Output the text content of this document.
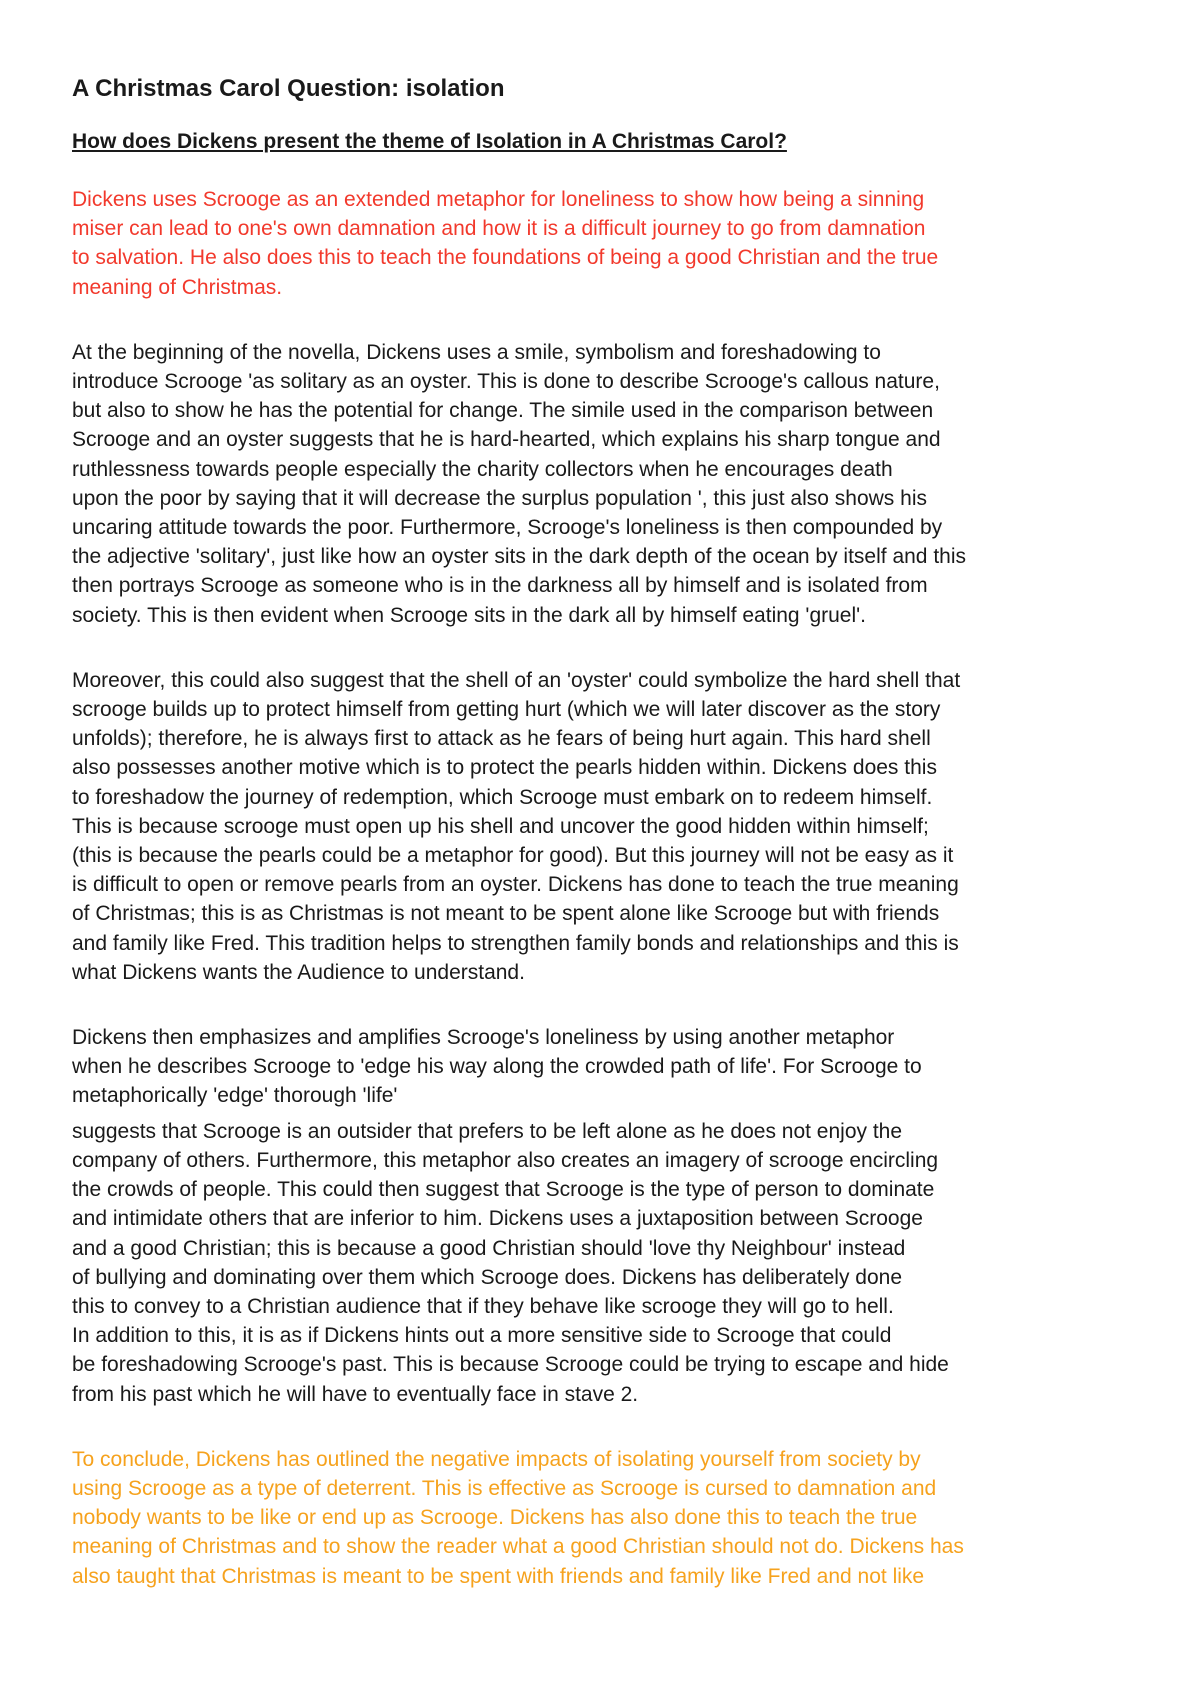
A Christmas Carol Question: isolation
How does Dickens present the theme of Isolation in A Christmas Carol?
Dickens uses Scrooge as an extended metaphor for loneliness to show how being a sinning
miser can lead to one's own damnation and how it is a difficult journey to go from damnation
to salvation. He also does this to teach the foundations of being a good Christian and the true
meaning of Christmas.
At the beginning of the novella, Dickens uses a smile, symbolism and foreshadowing to
introduce Scrooge 'as solitary as an oyster. This is done to describe Scrooge's callous nature,
but also to show he has the potential for change. The simile used in the comparison between
Scrooge and an oyster suggests that he is hard-hearted, which explains his sharp tongue and
ruthlessness towards people especially the charity collectors when he encourages death
upon the poor by saying that it will decrease the surplus population ', this just also shows his
uncaring attitude towards the poor. Furthermore, Scrooge's loneliness is then compounded by
the adjective 'solitary', just like how an oyster sits in the dark depth of the ocean by itself and this
then portrays Scrooge as someone who is in the darkness all by himself and is isolated from
society. This is then evident when Scrooge sits in the dark all by himself eating 'gruel'.
Moreover, this could also suggest that the shell of an 'oyster' could symbolize the hard shell that
scrooge builds up to protect himself from getting hurt (which we will later discover as the story
unfolds); therefore, he is always first to attack as he fears of being hurt again. This hard shell
also possesses another motive which is to protect the pearls hidden within. Dickens does this
to foreshadow the journey of redemption, which Scrooge must embark on to redeem himself.
This is because scrooge must open up his shell and uncover the good hidden within himself;
(this is because the pearls could be a metaphor for good). But this journey will not be easy as it
is difficult to open or remove pearls from an oyster. Dickens has done to teach the true meaning
of Christmas; this is as Christmas is not meant to be spent alone like Scrooge but with friends
and family like Fred. This tradition helps to strengthen family bonds and relationships and this is
what Dickens wants the Audience to understand.
Dickens then emphasizes and amplifies Scrooge's loneliness by using another metaphor
when he describes Scrooge to 'edge his way along the crowded path of life'. For Scrooge to
metaphorically 'edge' thorough 'life'
suggests that Scrooge is an outsider that prefers to be left alone as he does not enjoy the
company of others. Furthermore, this metaphor also creates an imagery of scrooge encircling
the crowds of people. This could then suggest that Scrooge is the type of person to dominate
and intimidate others that are inferior to him. Dickens uses a juxtaposition between Scrooge
and a good Christian; this is because a good Christian should 'love thy Neighbour' instead
of bullying and dominating over them which Scrooge does. Dickens has deliberately done
this to convey to a Christian audience that if they behave like scrooge they will go to hell.
In addition to this, it is as if Dickens hints out a more sensitive side to Scrooge that could
be foreshadowing Scrooge's past. This is because Scrooge could be trying to escape and hide
from his past which he will have to eventually face in stave 2.
To conclude, Dickens has outlined the negative impacts of isolating yourself from society by
using Scrooge as a type of deterrent. This is effective as Scrooge is cursed to damnation and
nobody wants to be like or end up as Scrooge. Dickens has also done this to teach the true
meaning of Christmas and to show the reader what a good Christian should not do. Dickens has
also taught that Christmas is meant to be spent with friends and family like Fred and not like
